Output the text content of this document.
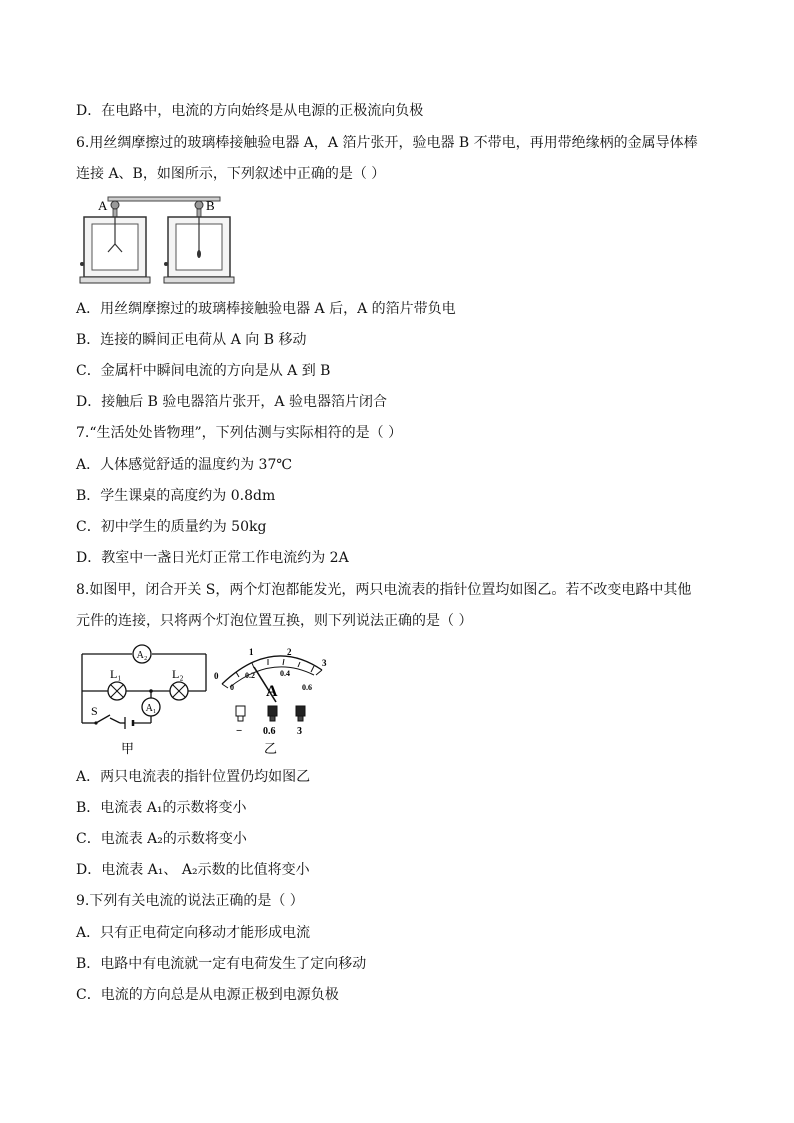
D．在电路中，电流的方向始终是从电源的正极流向负极
6.用丝绸摩擦过的玻璃棒接触验电器 A，A 箔片张开，验电器 B 不带电，再用带绝缘柄的金属导体棒
连接 A、B，如图所示，下列叙述中正确的是（ ）
A	B
A．用丝绸摩擦过的玻璃棒接触验电器 A 后，A 的箔片带负电
B．连接的瞬间正电荷从 A 向 B 移动
C．金属杆中瞬间电流的方向是从 A 到 B
D．接触后 B 验电器箔片张开，A 验电器箔片闭合
7.“生活处处皆物理”，下列估测与实际相符的是（ ）
A．人体感觉舒适的温度约为 37℃
B．学生课桌的高度约为 0.8dm
C．初中学生的质量约为 50kg
D．教室中一盏日光灯正常工作电流约为 2A
8.如图甲，闭合开关 S，两个灯泡都能发光，两只电流表的指针位置均如图乙。若不改变电路中其他
元件的连接，只将两个灯泡位置互换，则下列说法正确的是（ ）
A₂
L₁	L₂
A₁
S
甲
0
1	2
3
0
0.2	0.4
0.6
A
− 0.6 3
乙
A．两只电流表的指针位置仍均如图乙
B．电流表 A₁的示数将变小
C．电流表 A₂的示数将变小
D．电流表 A₁、 A₂示数的比值将变小
9.下列有关电流的说法正确的是（ ）
A．只有正电荷定向移动才能形成电流
B．电路中有电流就一定有电荷发生了定向移动
C．电流的方向总是从电源正极到电源负极
